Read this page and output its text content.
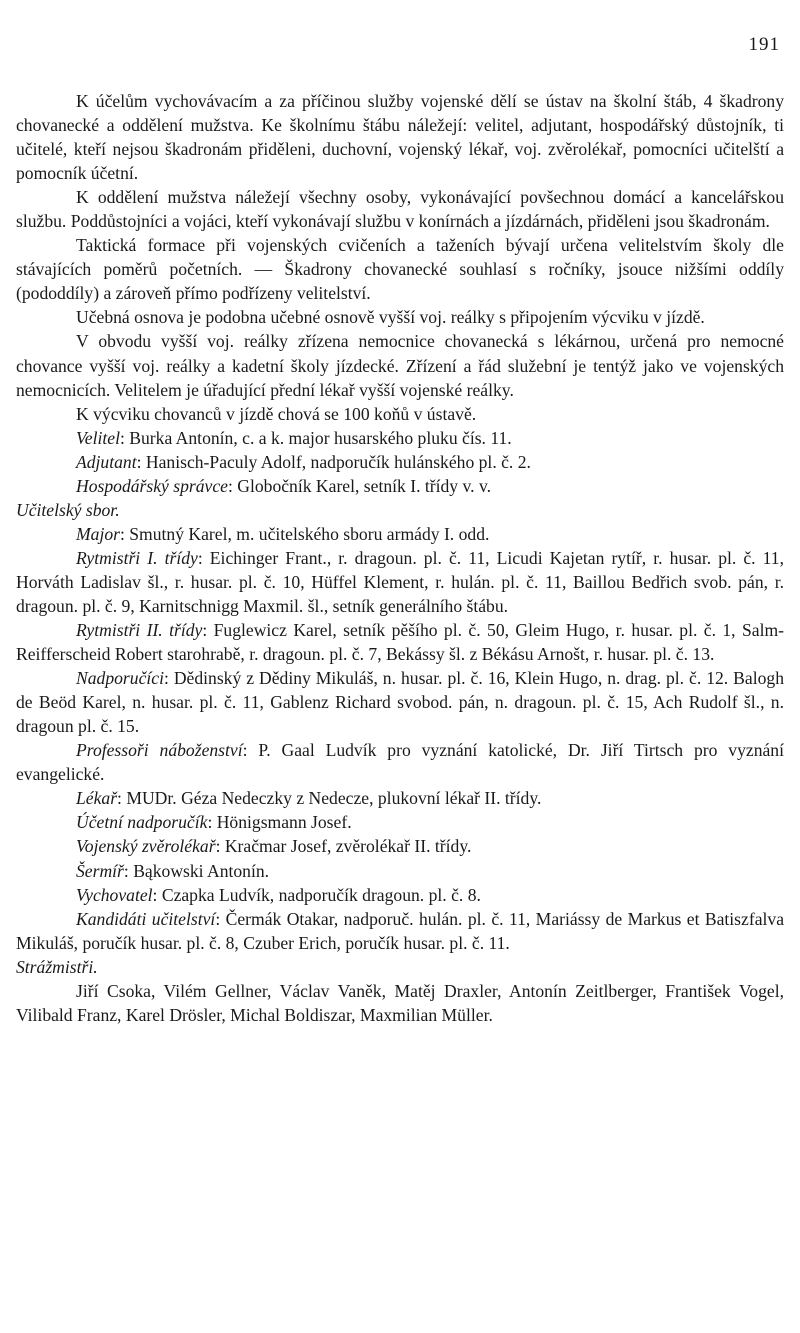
191

K účelům vychovávacím a za příčinou služby vojenské dělí se ústav na školní štáb, 4 škadrony chovanecké a oddělení mužstva. Ke školnímu štábu náležejí: velitel, adjutant, hospodářský důstojník, ti učitelé, kteří nejsou škadronám přiděleni, duchovní, vojenský lékař, voj. zvěrolékař, pomocníci učitelští a pomocník účetní.

K oddělení mužstva náležejí všechny osoby, vykonávající povšechnou domácí a kancelářskou službu. Poddůstojníci a vojáci, kteří vykonávají službu v konírnách a jízdárnách, přiděleni jsou škadronám.

Taktická formace při vojenských cvičeních a taženích bývají určena velitelstvím školy dle stávajících poměrů početních. — Škadrony chovanecké souhlasí s ročníky, jsouce nižšími oddíly (pododdíly) a zároveň přímo podřízeny velitelství.

Učebná osnova je podobna učebné osnově vyšší voj. reálky s připojením výcviku v jízdě.

V obvodu vyšší voj. reálky zřízena nemocnice chovanecká s lékárnou, určená pro nemocné chovance vyšší voj. reálky a kadetní školy jízdecké. Zřízení a řád služební je tentýž jako ve vojenských nemocnicích. Velitelem je úřadující přední lékař vyšší vojenské reálky.

K výcviku chovanců v jízdě chová se 100 koňů v ústavě.

Velitel: Burka Antonín, c. a k. major husarského pluku čís. 11.

Adjutant: Hanisch-Paculy Adolf, nadporučík hulánského pl. č. 2.

Hospodářský správce: Globočník Karel, setník I. třídy v. v.

Učitelský sbor.

Major: Smutný Karel, m. učitelského sboru armády I. odd.

Rytmistři I. třídy: Eichinger Frant., r. dragoun. pl. č. 11, Licudi Kajetan rytíř, r. husar. pl. č. 11, Horváth Ladislav šl., r. husar. pl. č. 10, Hüffel Klement, r. hulán. pl. č. 11, Baillou Bedřich svob. pán, r. dragoun. pl. č. 9, Karnitschnigg Maxmil. šl., setník generálního štábu.

Rytmistři II. třídy: Fuglewicz Karel, setník pěšího pl. č. 50, Gleim Hugo, r. husar. pl. č. 1, Salm-Reifferscheid Robert starohrabě, r. dragoun. pl. č. 7, Bekássy šl. z Békásu Arnošt, r. husar. pl. č. 13.

Nadporučíci: Dědinský z Dědiny Mikuláš, n. husar. pl. č. 16, Klein Hugo, n. drag. pl. č. 12. Balogh de Beöd Karel, n. husar. pl. č. 11, Gablenz Richard svobod. pán, n. dragoun. pl. č. 15, Ach Rudolf šl., n. dragoun pl. č. 15.

Professoři náboženství: P. Gaal Ludvík pro vyznání katolické, Dr. Jiří Tirtsch pro vyznání evangelické.

Lékař: MUDr. Géza Nedeczky z Nedecze, plukovní lékař II. třídy.

Účetní nadporučík: Hönigsmann Josef.

Vojenský zvěrolékař: Kračmar Josef, zvěrolékař II. třídy.

Šermíř: Bąkowski Antonín.

Vychovatel: Czapka Ludvík, nadporučík dragoun. pl. č. 8.

Kandidáti učitelství: Čermák Otakar, nadporuč. hulán. pl. č. 11, Mariássy de Markus et Batiszfalva Mikuláš, poručík husar. pl. č. 8, Czuber Erich, poručík husar. pl. č. 11.

Strážmistři.

Jiří Csoka, Vilém Gellner, Václav Vaněk, Matěj Draxler, Antonín Zeitlberger, František Vogel, Vilibald Franz, Karel Drösler, Michal Boldiszar, Maxmilian Müller.
